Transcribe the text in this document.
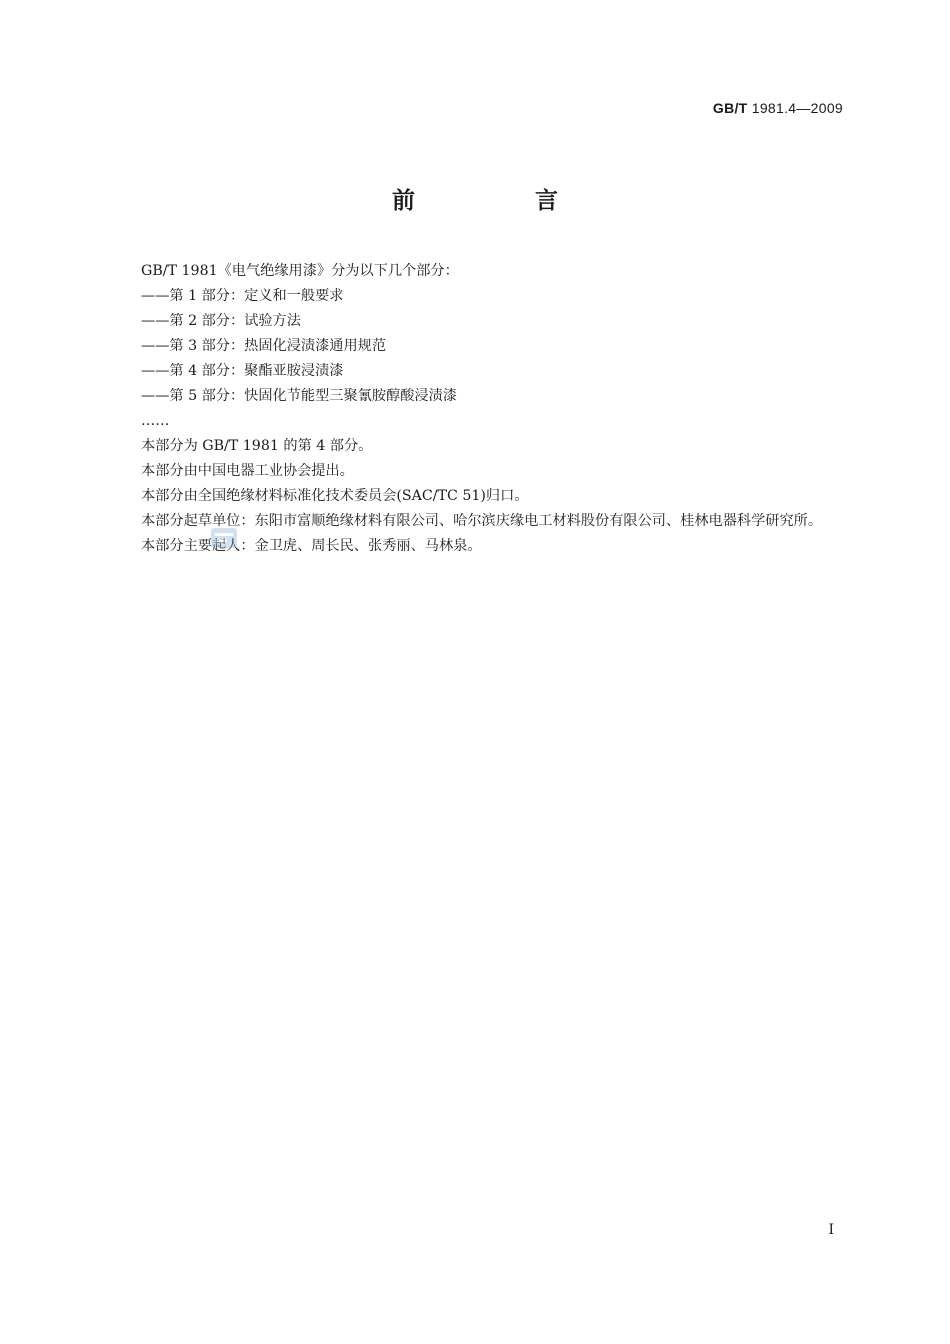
GB/T 1981.4—2009
前 言

GB/T 1981《电气绝缘用漆》分为以下几个部分：

——第 1 部分：定义和一般要求

——第 2 部分：试验方法

——第 3 部分：热固化浸渍漆通用规范

——第 4 部分：聚酯亚胺浸渍漆

——第 5 部分：快固化节能型三聚氰胺醇酸浸渍漆

……

本部分为 GB/T 1981 的第 4 部分。

本部分由中国电器工业协会提出。

本部分由全国绝缘材料标准化技术委员会(SAC/TC 51)归口。

本部分起草单位：东阳市富顺绝缘材料有限公司、哈尔滨庆缘电工材料股份有限公司、桂林电器科学研究所。

本部分主要起人：金卫虎、周长民、张秀丽、马林泉。

I
